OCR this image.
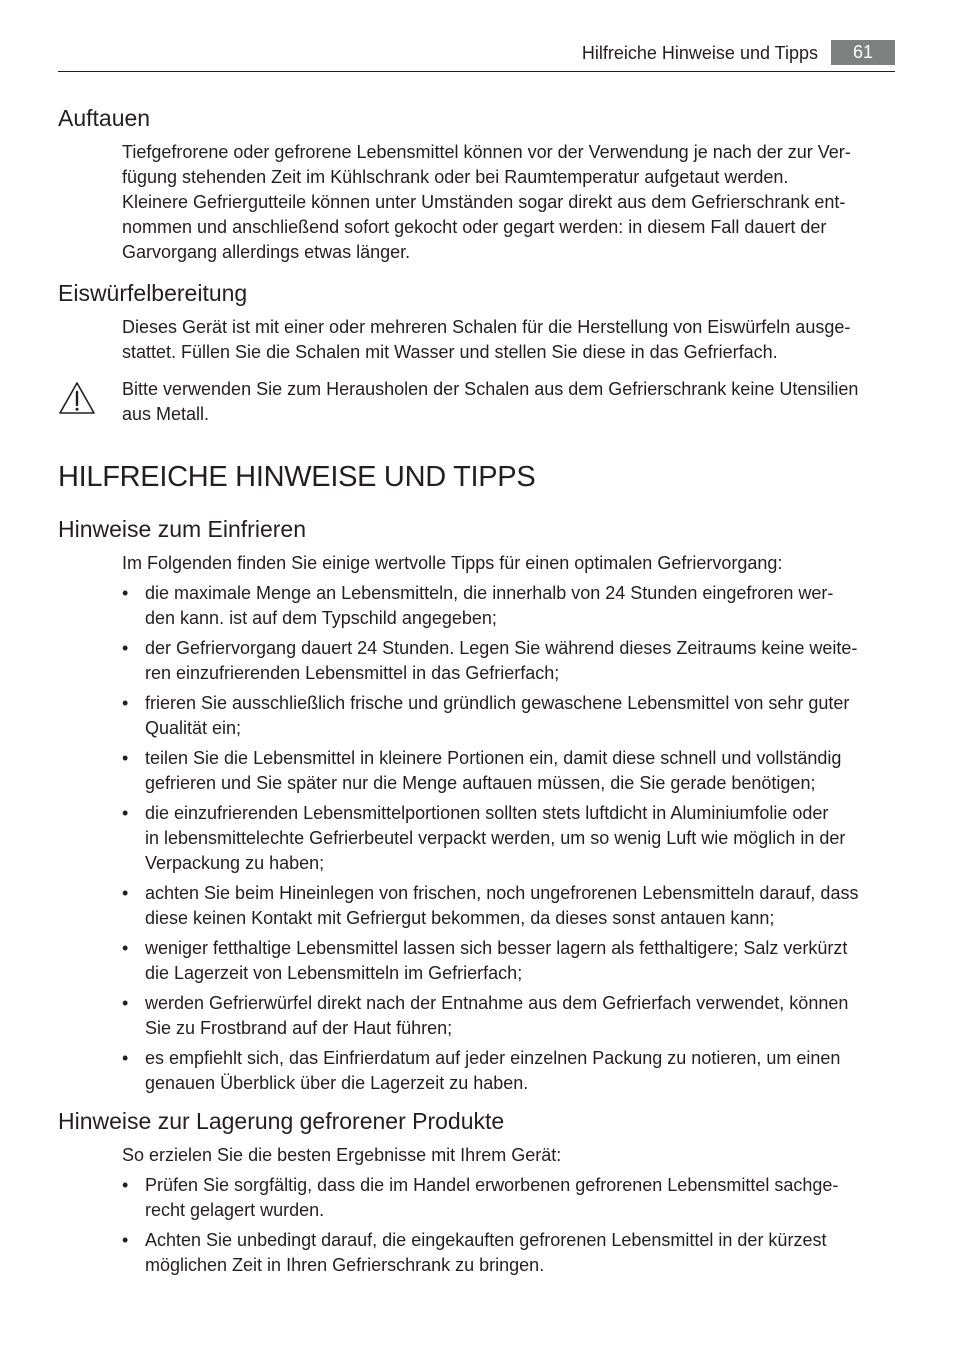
Hilfreiche Hinweise und Tipps	61
Auftauen

Tiefgefrorene oder gefrorene Lebensmittel können vor der Verwendung je nach der zur Ver-
fügung stehenden Zeit im Kühlschrank oder bei Raumtemperatur aufgetaut werden.
Kleinere Gefriergutteile können unter Umständen sogar direkt aus dem Gefrierschrank ent-
nommen und anschließend sofort gekocht oder gegart werden: in diesem Fall dauert der
Garvorgang allerdings etwas länger.

Eiswürfelbereitung

Dieses Gerät ist mit einer oder mehreren Schalen für die Herstellung von Eiswürfeln ausge-
stattet. Füllen Sie die Schalen mit Wasser und stellen Sie diese in das Gefrierfach.

Bitte verwenden Sie zum Herausholen der Schalen aus dem Gefrierschrank keine Utensilien
aus Metall.

HILFREICHE HINWEISE UND TIPPS
Hinweise zum Einfrieren

Im Folgenden finden Sie einige wertvolle Tipps für einen optimalen Gefriervorgang:

• die maximale Menge an Lebensmitteln, die innerhalb von 24 Stunden eingefroren wer-
den kann. ist auf dem Typschild angegeben;
• der Gefriervorgang dauert 24 Stunden. Legen Sie während dieses Zeitraums keine weite-
ren einzufrierenden Lebensmittel in das Gefrierfach;
• frieren Sie ausschließlich frische und gründlich gewaschene Lebensmittel von sehr guter
Qualität ein;
• teilen Sie die Lebensmittel in kleinere Portionen ein, damit diese schnell und vollständig
gefrieren und Sie später nur die Menge auftauen müssen, die Sie gerade benötigen;
• die einzufrierenden Lebensmittelportionen sollten stets luftdicht in Aluminiumfolie oder
in lebensmittelechte Gefrierbeutel verpackt werden, um so wenig Luft wie möglich in der
Verpackung zu haben;
• achten Sie beim Hineinlegen von frischen, noch ungefrorenen Lebensmitteln darauf, dass
diese keinen Kontakt mit Gefriergut bekommen, da dieses sonst antauen kann;
• weniger fetthaltige Lebensmittel lassen sich besser lagern als fetthaltigere; Salz verkürzt
die Lagerzeit von Lebensmitteln im Gefrierfach;
• werden Gefrierwürfel direkt nach der Entnahme aus dem Gefrierfach verwendet, können
Sie zu Frostbrand auf der Haut führen;
• es empfiehlt sich, das Einfrierdatum auf jeder einzelnen Packung zu notieren, um einen
genauen Überblick über die Lagerzeit zu haben.
Hinweise zur Lagerung gefrorener Produkte

So erzielen Sie die besten Ergebnisse mit Ihrem Gerät:

• Prüfen Sie sorgfältig, dass die im Handel erworbenen gefrorenen Lebensmittel sachge-
recht gelagert wurden.
• Achten Sie unbedingt darauf, die eingekauften gefrorenen Lebensmittel in der kürzest
möglichen Zeit in Ihren Gefrierschrank zu bringen.
